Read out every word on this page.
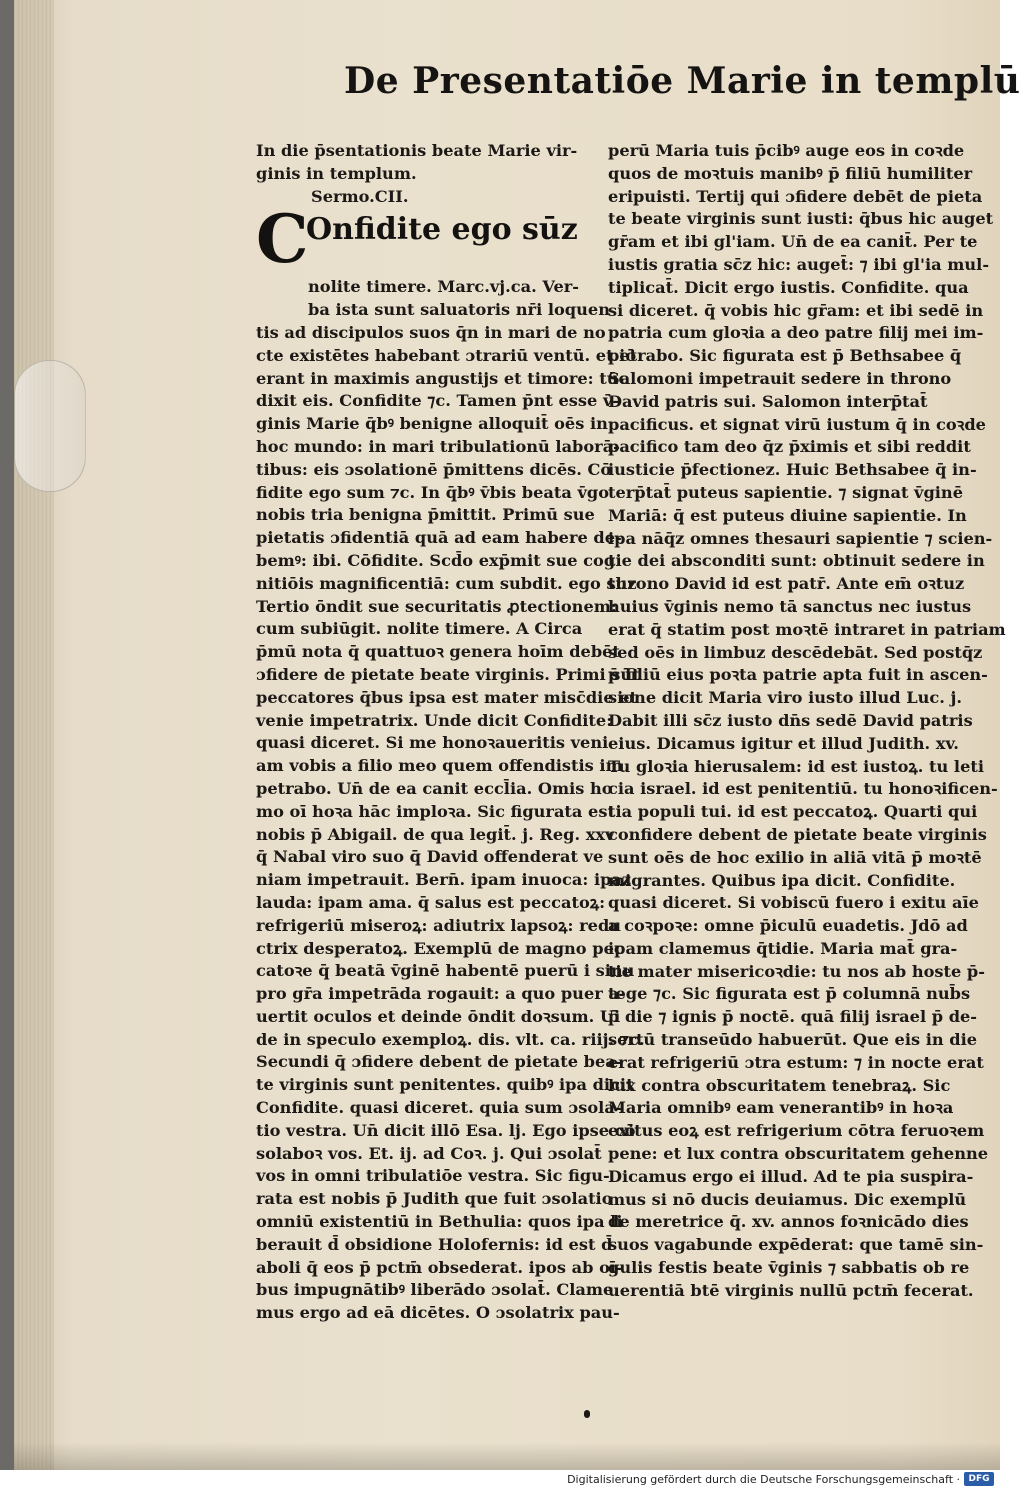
De Presentatiōe Marie in templū
In die p̄sentationis beate Marie vir-
ginis in templum.
Sermo.CII.
C
Onfidite ego sūz
nolite timere. Marc.vj.ca. Ver-
ba ista sunt saluatoris nr̄i loquen
tis ad discipulos suos q̄n in mari de no
cte existētes habebant ɔtrariū ventū. et iō
erant in maximis angustijs et timore: tūc
dixit eis. Confidite ⁊c. Tamen p̄nt esse v̄-
ginis Marie q̄bꝰ benigne alloquit̄ oēs in
hoc mundo: in mari tribulationū laborā-
tibus: eis ɔsolationē p̄mittens dicēs. Cō
fidite ego sum ⁊c. In q̄bꝰ v̄bis beata v̄go
nobis tria benigna p̄mittit. Primū sue
pietatis ɔfidentiā quā ad eam habere de-
bemꝰ: ibi. Cōfidite. Scd̄o exp̄mit sue cog
nitiōis magnificentiā: cum subdit. ego suz
Tertio ōndit sue securitatis ꝓtectionem:
cum subiūgit. nolite timere. A Circa
p̄mū nota q̄ quattuoꝛ genera hoīm debēt
ɔfidere de pietate beate virginis. Primi sūt
peccatores q̄bus ipsa est mater misc̄die et
venie impetratrix. Unde dicit Confidite:
quasi diceret. Si me honoꝛaueritis veni
am vobis a filio meo quem offendistis im
petrabo. Un̄ de ea canit eccl̄ia. Omis ho
mo oī hoꝛa hāc imploꝛa. Sic figurata est
nobis p̄ Abigail. de qua legit̄. j. Reg. xxv
q̄ Nabal viro suo q̄ David offenderat ve
niam impetrauit. Bern̄. ipam inuoca: ipaz
lauda: ipam ama. q̄ salus est peccatoꝝ:
refrigeriū miseroꝝ: adiutrix lapsoꝝ: redu
ctrix desperatoꝝ. Exemplū de magno pec
catoꝛe q̄ beatā v̄ginē habentē puerū i sinu
pro gr̄a impetrāda rogauit: a quo puer a-
uertit oculos et deinde ōndit doꝛsum. Ui
de in speculo exemploꝝ. dis. vlt. ca. riij. ⁊c.
Secundi q̄ ɔfidere debent de pietate bea-
te virginis sunt penitentes. quibꝰ ipa dicit
Confidite. quasi diceret. quia sum ɔsola-
tio vestra. Un̄ dicit illō Esa. lj. Ego ipse cō
solaboꝛ vos. Et. ij. ad Coꝛ. j. Qui ɔsolat̄
vos in omni tribulatiōe vestra. Sic figu-
rata est nobis p̄ Judith que fuit ɔsolatio
omniū existentiū in Bethulia: quos ipa li
berauit d̄ obsidione Holofernis: id est d̄
aboli q̄ eos p̄ pctm̄ obsederat. ipos ab oī-
bus impugnātibꝰ liberādo ɔsolat̄. Clame
mus ergo ad eā dicētes. O ɔsolatrix pau-
perū Maria tuis p̄cibꝰ auge eos in coꝛde
quos de moꝛtuis manibꝰ p̄ filiū humiliter
eripuisti. Tertij qui ɔfidere debēt de pieta
te beate virginis sunt iusti: q̄bus hic auget
gr̄am et ibi gl'iam. Un̄ de ea canit̄. Per te
iustis gratia sc̄z hic: auget̄: ⁊ ibi gl'ia mul-
tiplicat̄. Dicit ergo iustis. Confidite. qua
si diceret. q̄ vobis hic gr̄am: et ibi sedē in
patria cum gloꝛia a deo patre filij mei im-
petrabo. Sic figurata est p̄ Bethsabee q̄
Salomoni impetrauit sedere in throno
David patris sui. Salomon interp̄tat̄
pacificus. et signat virū iustum q̄ in coꝛde
pacifico tam deo q̄z p̄ximis et sibi reddit
iusticie p̄fectionez. Huic Bethsabee q̄ in-
terp̄tat̄ puteus sapientie. ⁊ signat v̄ginē
Mariā: q̄ est puteus diuine sapientie. In
ipa nāq̄z omnes thesauri sapientie ⁊ scien-
tie dei absconditi sunt: obtinuit sedere in
throno David id est patr̄. Ante em̄ oꝛtuz
huius v̄ginis nemo tā sanctus nec iustus
erat q̄ statim post moꝛtē intraret in patriam
sed oēs in limbuz descēdebāt. Sed postq̄z
p̄ filiū eius poꝛta patrie apta fuit in ascen-
sione dicit Maria viro iusto illud Luc. j.
Dabit illi sc̄z iusto dn̄s sedē David patris
eius. Dicamus igitur et illud Judith. xv.
Tu gloꝛia hierusalem: id est iustoꝝ. tu leti
cia israel. id est penitentiū. tu honoꝛificen-
tia populi tui. id est peccatoꝝ. Quarti qui
confidere debent de pietate beate virginis
sunt oēs de hoc exilio in aliā vitā p̄ moꝛtē
migrantes. Quibus ipa dicit. Confidite.
quasi diceret. Si vobiscū fuero i exitu aīe
a coꝛpoꝛe: omne p̄iculū euadetis. Jdō ad
ipam clamemus q̄tidie. Maria mat̄ gra-
tie mater misericoꝛdie: tu nos ab hoste p̄-
tege ⁊c. Sic figurata est p̄ columnā nub̄s
p̄ die ⁊ ignis p̄ noctē. quā filij israel p̄ de-
sertū transeūdo habuerūt. Que eis in die
erat refrigeriū ɔtra estum: ⁊ in nocte erat
lux contra obscuritatem tenebraꝝ. Sic
Maria omnibꝰ eam venerantibꝰ in hoꝛa
exitus eoꝝ est refrigerium cōtra feruoꝛem
pene: et lux contra obscuritatem gehenne
Dicamus ergo ei illud. Ad te pia suspira-
mus si nō ducis deuiamus. Dic exemplū
de meretrice q̄. xv. annos foꝛnicādo dies
suos vagabunde expēderat: que tamē sin-
gulis festis beate v̄ginis ⁊ sabbatis ob re
uerentiā btē virginis nullū pctm̄ fecerat.
Digitalisierung gefördert durch die Deutsche Forschungsgemeinschaft · DFG
